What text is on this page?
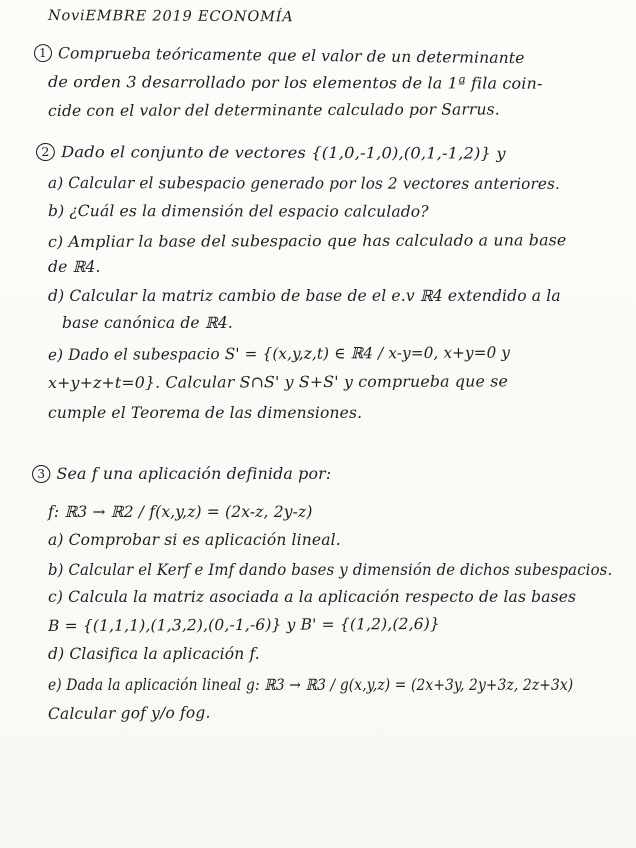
NoviEMBRE 2019 ECONOMÍA
1 Comprueba teóricamente que el valor de un determinante
de orden 3 desarrollado por los elementos de la 1ª fila coin-
cide con el valor del determinante calculado por Sarrus.
2 Dado el conjunto de vectores {(1,0,-1,0),(0,1,-1,2)} y
a) Calcular el subespacio generado por los 2 vectores anteriores.
b) ¿Cuál es la dimensión del espacio calculado?
c) Ampliar la base del subespacio que has calculado a una base
de ℝ4.
d) Calcular la matriz cambio de base de el e.v ℝ4 extendido a la
base canónica de ℝ4.
e) Dado el subespacio S' = {(x,y,z,t) ∈ ℝ4 / x-y=0, x+y=0 y
x+y+z+t=0}. Calcular S∩S' y S+S' y comprueba que se
cumple el Teorema de las dimensiones.
3 Sea f una aplicación definida por:
f: ℝ3 → ℝ2 / f(x,y,z) = (2x-z, 2y-z)
a) Comprobar si es aplicación lineal.
b) Calcular el Kerf e Imf dando bases y dimensión de dichos subespacios.
c) Calcula la matriz asociada a la aplicación respecto de las bases
B = {(1,1,1),(1,3,2),(0,-1,-6)} y B' = {(1,2),(2,6)}
d) Clasifica la aplicación f.
e) Dada la aplicación lineal g: ℝ3 → ℝ3 / g(x,y,z) = (2x+3y, 2y+3z, 2z+3x)
Calcular gof y/o fog.
